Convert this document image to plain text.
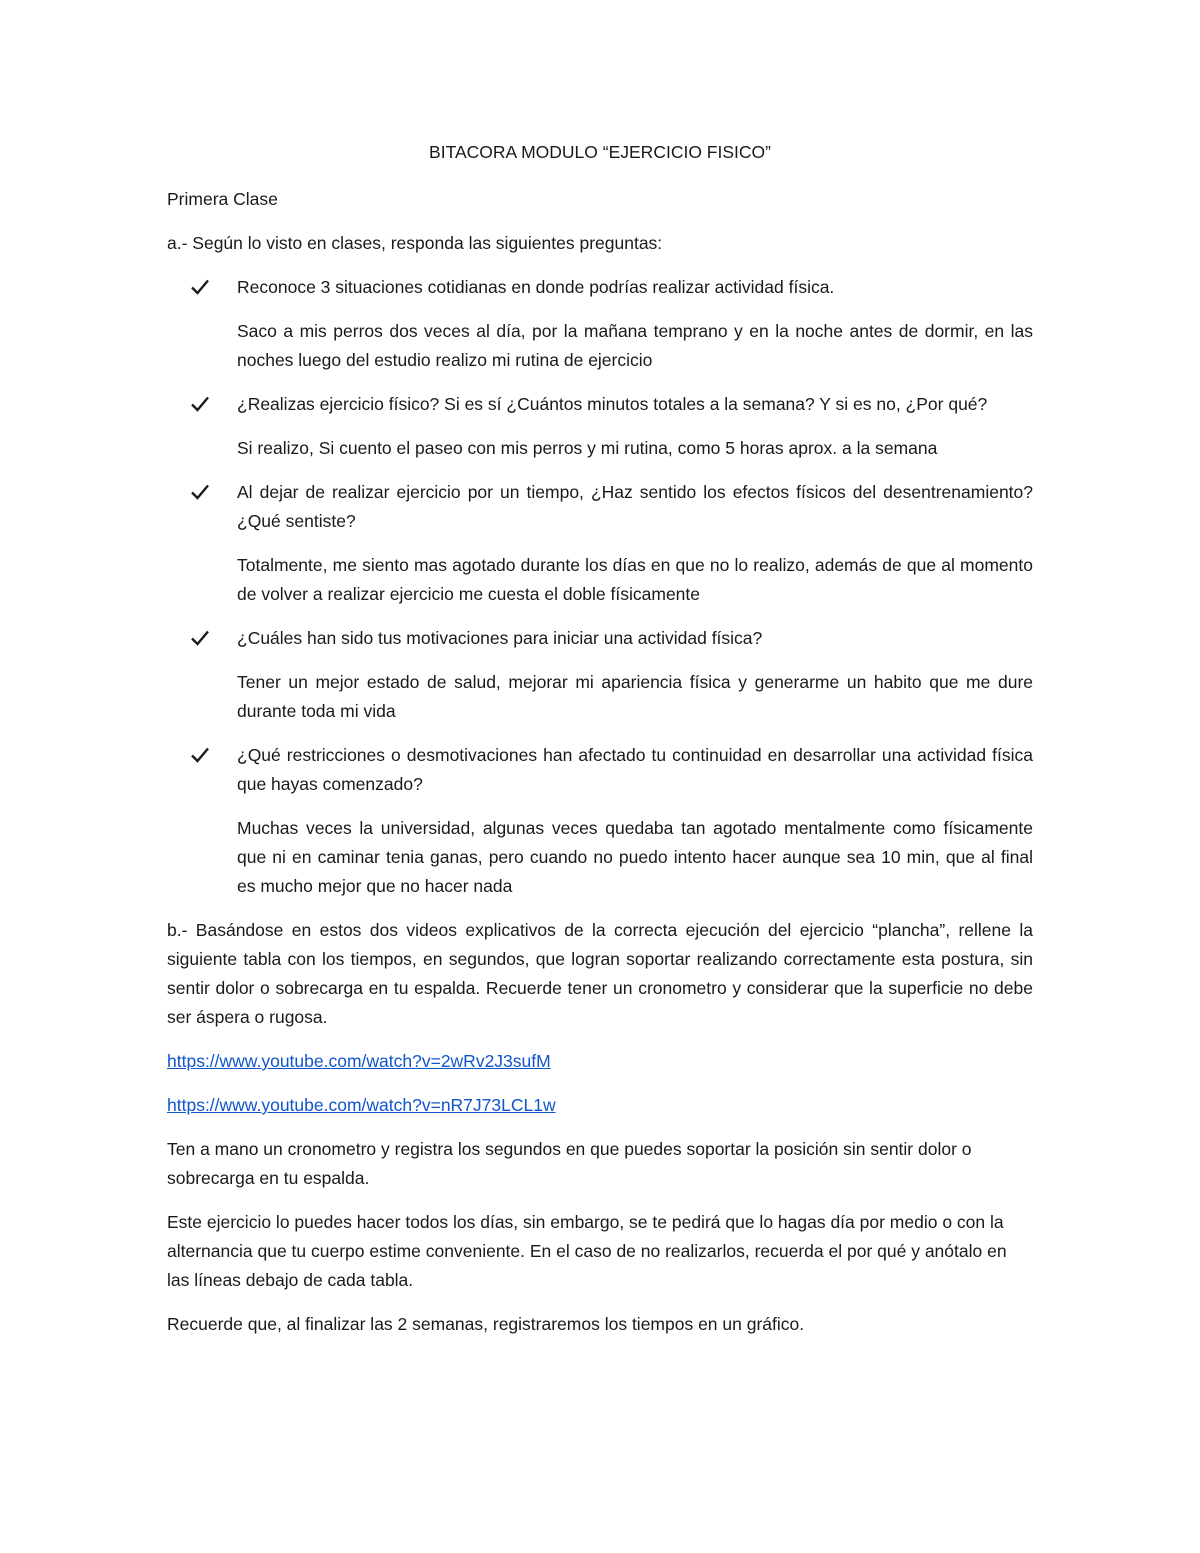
BITACORA MODULO “EJERCICIO FISICO”

Primera Clase

a.- Según lo visto en clases, responda las siguientes preguntas:

Reconoce 3 situaciones cotidianas en donde podrías realizar actividad física.

Saco a mis perros dos veces al día, por la mañana temprano y en la noche antes de dormir, en las noches luego del estudio realizo mi rutina de ejercicio

¿Realizas ejercicio físico? Si es sí ¿Cuántos minutos totales a la semana? Y si es no, ¿Por qué?

Si realizo, Si cuento el paseo con mis perros y mi rutina, como 5 horas aprox. a la semana

Al dejar de realizar ejercicio por un tiempo, ¿Haz sentido los efectos físicos del desentrenamiento? ¿Qué sentiste?

Totalmente, me siento mas agotado durante los días en que no lo realizo, además de que al momento de volver a realizar ejercicio me cuesta el doble físicamente

¿Cuáles han sido tus motivaciones para iniciar una actividad física?

Tener un mejor estado de salud, mejorar mi apariencia física y generarme un habito que me dure durante toda mi vida

¿Qué restricciones o desmotivaciones han afectado tu continuidad en desarrollar una actividad física que hayas comenzado?

Muchas veces la universidad, algunas veces quedaba tan agotado mentalmente como físicamente que ni en caminar tenia ganas, pero cuando no puedo intento hacer aunque sea 10 min, que al final es mucho mejor que no hacer nada

b.- Basándose en estos dos videos explicativos de la correcta ejecución del ejercicio “plancha”, rellene la siguiente tabla con los tiempos, en segundos, que logran soportar realizando correctamente esta postura, sin sentir dolor o sobrecarga en tu espalda. Recuerde tener un cronometro y considerar que la superficie no debe ser áspera o rugosa.

https://www.youtube.com/watch?v=2wRv2J3sufM

https://www.youtube.com/watch?v=nR7J73LCL1w

Ten a mano un cronometro y registra los segundos en que puedes soportar la posición sin sentir dolor o sobrecarga en tu espalda.

Este ejercicio lo puedes hacer todos los días, sin embargo, se te pedirá que lo hagas día por medio o con la alternancia que tu cuerpo estime conveniente. En el caso de no realizarlos, recuerda el por qué y anótalo en las líneas debajo de cada tabla.

Recuerde que, al finalizar las 2 semanas, registraremos los tiempos en un gráfico.
